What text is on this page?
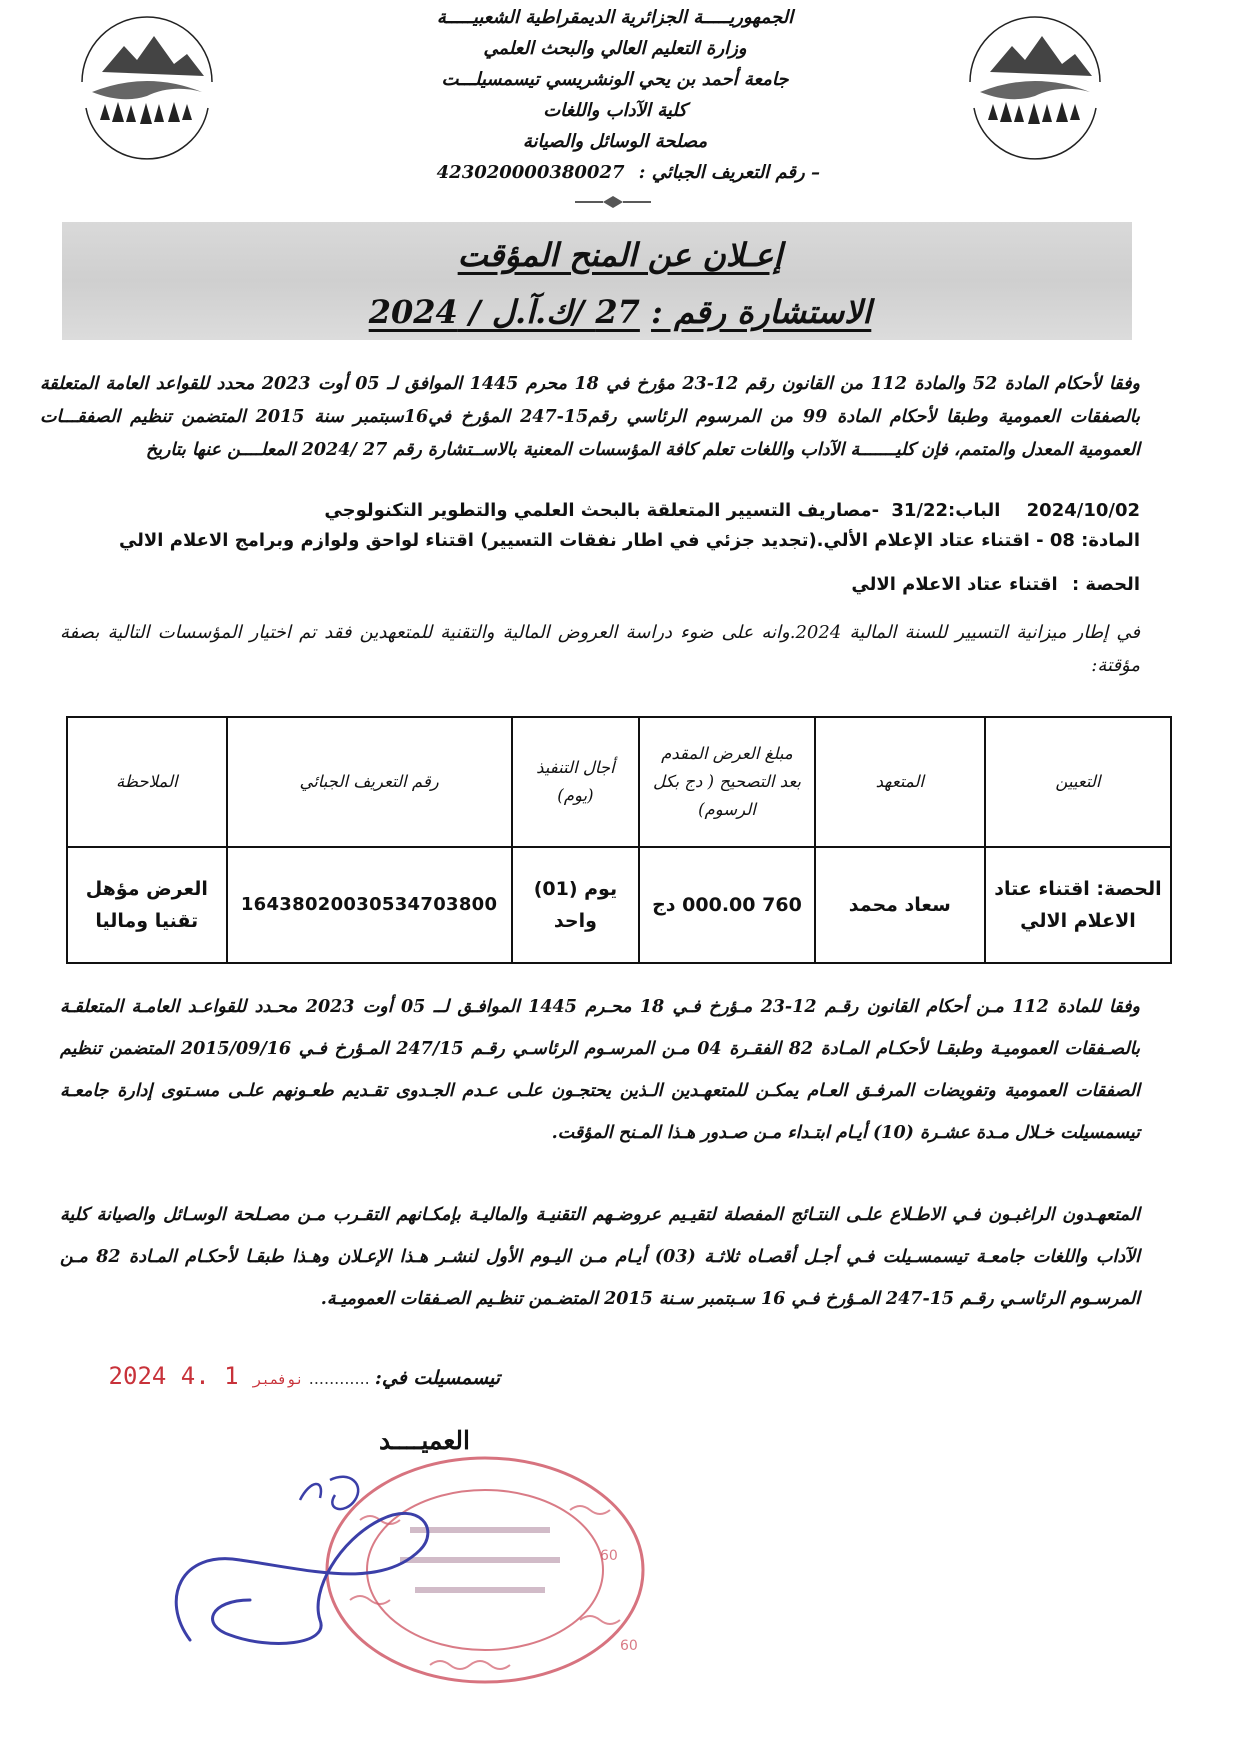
الجمهوريـــــة الجزائرية الديمقراطية الشعبيـــــة
وزارة التعليم العالي والبحث العلمي
جامعة أحمد بن يحي الونشريسي تيسمسيلـــت
كلية الآداب واللغات
مصلحة الوسائل والصيانة
– رقم التعريف الجبائي : 423020000380027
إعـلان عن المنح المؤقت
الاستشارة رقم : 27 /ك.آ.ل / 2024
وفقا لأحكام المادة 52 والمادة 112 من القانون رقم 12-23 مؤرخ في 18 محرم 1445 الموافق لـ 05 أوت 2023 محدد للقواعد العامة المتعلقة بالصفقات العمومية وطبقا لأحكام المادة 99 من المرسوم الرئاسي رقم15-247 المؤرخ في16سبتمبر سنة 2015 المتضمن تنظيم الصفقـــات العمومية المعدل والمتمم، فإن كليـــــــة الآداب واللغات تعلم كافة المؤسسات المعنية بالاســتشارة رقم 27 /2024 المعلــــن عنها بتاريخ
2024/10/02 الباب:31/22 -مصاريف التسيير المتعلقة بالبحث العلمي والتطوير التكنولوجي
المادة: 08 - اقتناء عتاد الإعلام الألي.(تجديد جزئي في اطار نفقات التسيير) اقتناء لواحق ولوازم وبرامج الاعلام الالي
الحصة : اقتناء عتاد الاعلام الالي
في إطار ميزانية التسيير للسنة المالية 2024.وانه على ضوء دراسة العروض المالية والتقنية للمتعهدين فقد تم اختيار المؤسسات التالية بصفة مؤقتة:
التعيين	المتعهد	مبلغ العرض المقدم بعد التصحيح ( دج بكل الرسوم)	أجال التنفيذ (يوم)	رقم التعريف الجبائي	الملاحظة
الحصة: اقتناء عتاد الاعلام الالي	سعاد محمد	760 000.00 دج	يوم (01) واحد	16438020030534703800	العرض مؤهل تقنيا وماليا
وفقا للمادة 112 مـن أحكام القانون رقـم 12-23 مـؤرخ فـي 18 محـرم 1445 الموافـق لــ 05 أوت 2023 محـدد للقواعـد العامـة المتعلقـة بالصـفقات العموميـة وطبقـا لأحكـام المـادة 82 الفقـرة 04 مـن المرسـوم الرئاسـي رقـم 247/15 المـؤرخ فـي 2015/09/16 المتضمن تنظيم الصفقات العمومية وتفويضات المرفـق العـام يمكـن للمتعهـدين الـذين يحتجـون علـى عـدم الجـدوى تقـديم طعـونهم علـى مسـتوى إدارة جامعـة تيسمسيلت خـلال مـدة عشـرة (10) أيـام ابتـداء مـن صـدور هـذا المـنح المؤقت.
المتعهـدون الراغبـون فـي الاطـلاع علـى النتـائج المفصلة لتقيـيم عروضـهم التقنيـة والماليـة بإمكـانهم التقـرب مـن مصـلحة الوسـائل والصيانة كلية الآداب واللغات جامعـة تيسمسـيلت فـي أجـل أقصـاه ثلاثـة (03) أيـام مـن اليـوم الأول لنشـر هـذا الإعـلان وهـذا طبقـا لأحكـام المـادة 82 مـن المرسـوم الرئاسـي رقـم 15-247 المـؤرخ فـي 16 سـبتمبر سـنة 2015 المتضـمن تنظـيم الصـفقات العموميـة.
تيسمسيلت في: ............ 2024	نوفمبر 1 .4
العميــــد
60
60
